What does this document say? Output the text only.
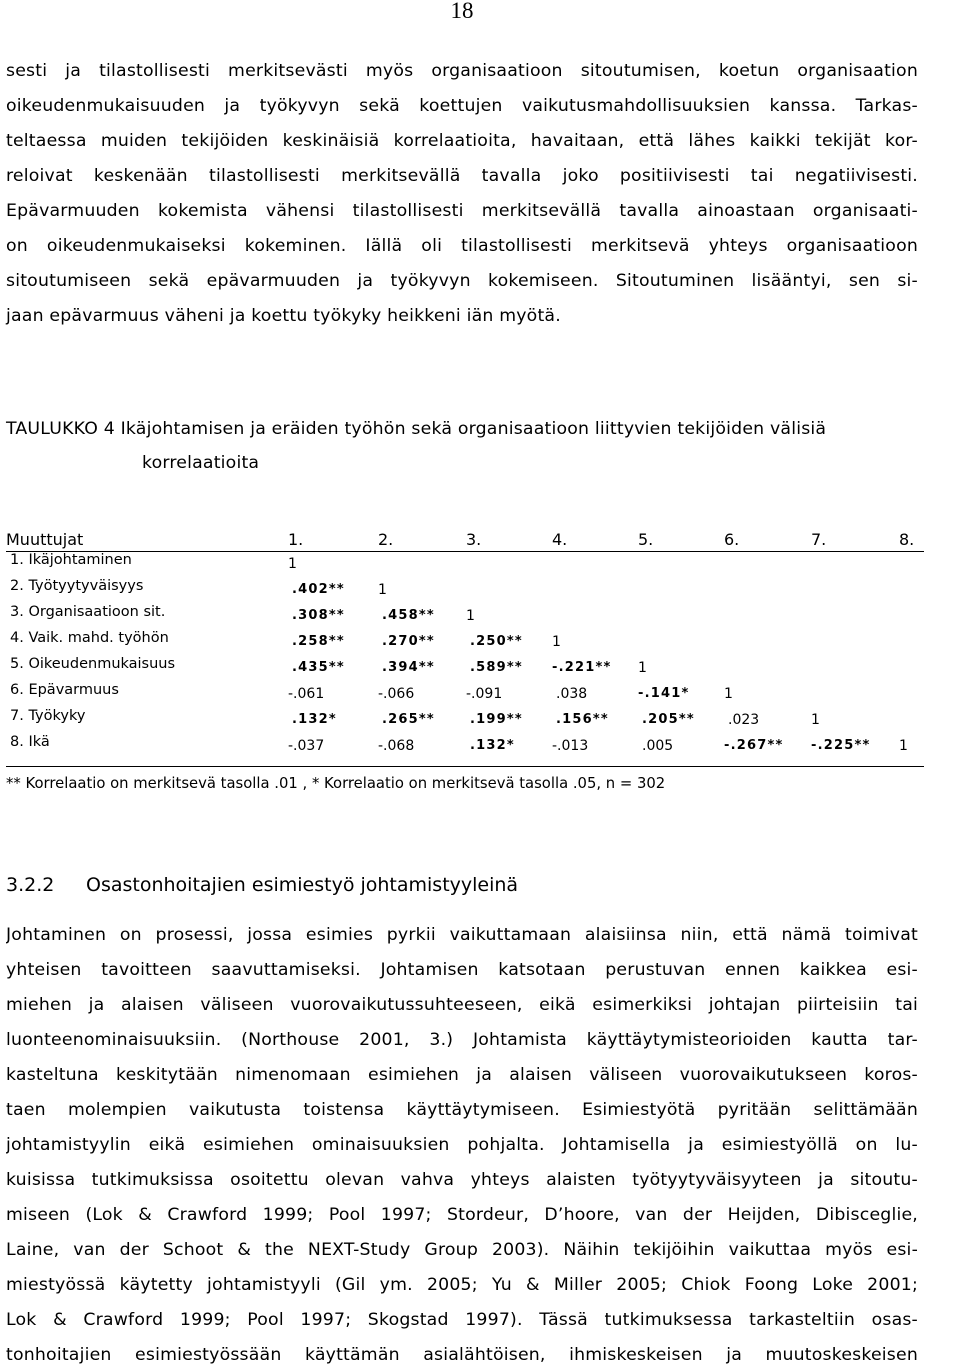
18
sesti ja tilastollisesti merkitsevästi myös organisaatioon sitoutumisen, koetun organisaation
oikeudenmukaisuuden ja työkyvyn sekä koettujen vaikutusmahdollisuuksien kanssa. Tarkas-
teltaessa muiden tekijöiden keskinäisiä korrelaatioita, havaitaan, että lähes kaikki tekijät kor-
reloivat keskenään tilastollisesti merkitsevällä tavalla joko positiivisesti tai negatiivisesti.
Epävarmuuden kokemista vähensi tilastollisesti merkitsevällä tavalla ainoastaan organisaati-
on oikeudenmukaiseksi kokeminen. Iällä oli tilastollisesti merkitsevä yhteys organisaatioon
sitoutumiseen sekä epävarmuuden ja työkyvyn kokemiseen. Sitoutuminen lisääntyi, sen si-
jaan epävarmuus väheni ja koettu työkyky heikkeni iän myötä.
TAULUKKO 4 Ikäjohtamisen ja eräiden työhön sekä organisaatioon liittyvien tekijöiden välisiä
korrelaatioita
Muuttujat	1.	2.	3.	4.	5.	6.	7.	8.
1. Ikäjohtaminen	1
2. Työtyytyväisyys	.402** 1
3. Organisaatioon sit.	.308**	.458** 1
4. Vaik. mahd. työhön	.258**	.270**	.250** 1
5. Oikeudenmukaisuus	.435**	.394**	.589** -.221** 1
6. Epävarmuus	-.061	-.066	-.091	.038	-.141* 1
7. Työkyky	.132*	.265**	.199**	.156**	.205** .023	1
8. Ikä	-.037	-.068	.132*	-.013	.005	-.267** -.225** 1
** Korrelaatio on merkitsevä tasolla .01 , * Korrelaatio on merkitsevä tasolla .05, n = 302
3.2.2 Osastonhoitajien esimiestyö johtamistyyleinä
Johtaminen on prosessi, jossa esimies pyrkii vaikuttamaan alaisiinsa niin, että nämä toimivat
yhteisen tavoitteen saavuttamiseksi. Johtamisen katsotaan perustuvan ennen kaikkea esi-
miehen ja alaisen väliseen vuorovaikutussuhteeseen, eikä esimerkiksi johtajan piirteisiin tai
luonteenominaisuuksiin. (Northouse 2001, 3.) Johtamista käyttäytymisteorioiden kautta tar-
kasteltuna keskitytään nimenomaan esimiehen ja alaisen väliseen vuorovaikutukseen koros-
taen molempien vaikutusta toistensa käyttäytymiseen. Esimiestyötä pyritään selittämään
johtamistyylin eikä esimiehen ominaisuuksien pohjalta. Johtamisella ja esimiestyöllä on lu-
kuisissa tutkimuksissa osoitettu olevan vahva yhteys alaisten työtyytyväisyyteen ja sitoutu-
miseen (Lok & Crawford 1999; Pool 1997; Stordeur, D’hoore, van der Heijden, Dibisceglie,
Laine, van der Schoot & the NEXT-Study Group 2003). Näihin tekijöihin vaikuttaa myös esi-
miestyössä käytetty johtamistyyli (Gil ym. 2005; Yu & Miller 2005; Chiok Foong Loke 2001;
Lok & Crawford 1999; Pool 1997; Skogstad 1997). Tässä tutkimuksessa tarkasteltiin osas-
tonhoitajien esimiestyössään käyttämän asialähtöisen, ihmiskeskeisen ja muutoskeskeisen
